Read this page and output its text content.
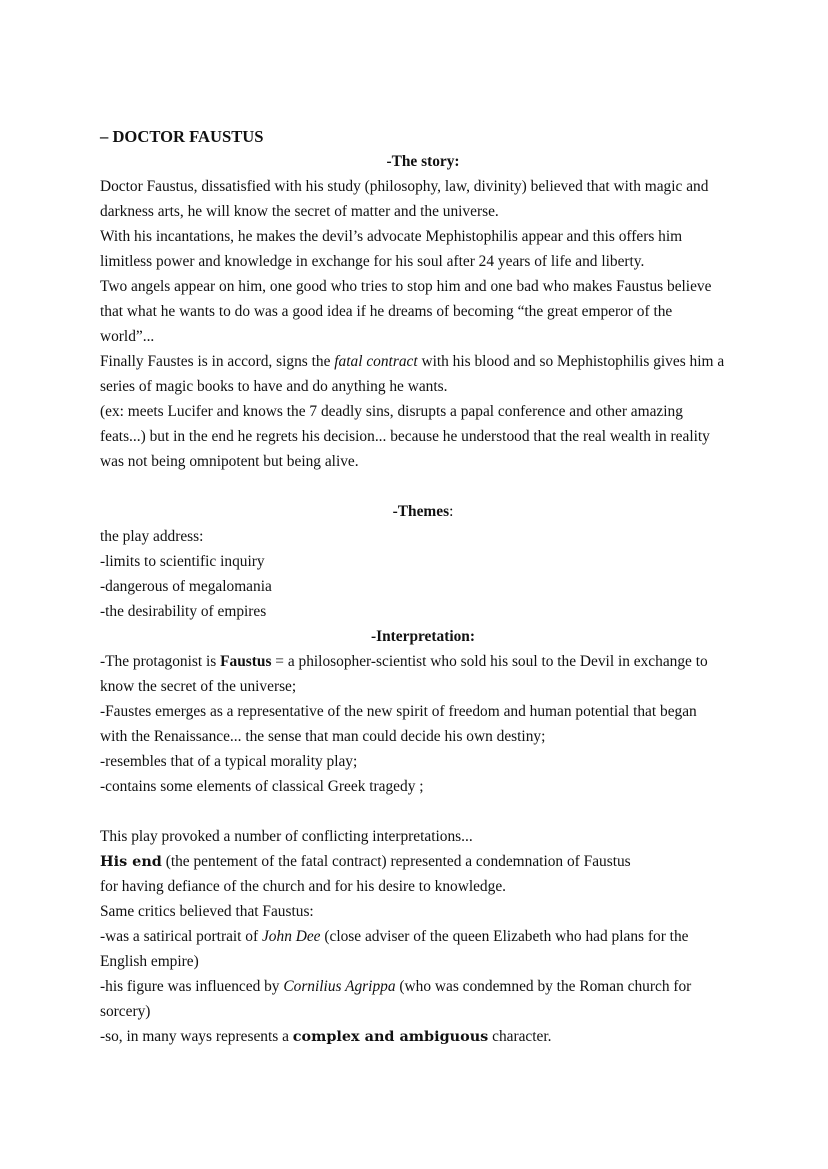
– DOCTOR FAUSTUS
-The story:
Doctor Faustus, dissatisfied with his study (philosophy, law, divinity) believed that with magic and
darkness arts, he will know the secret of matter and the universe.
With his incantations, he makes the devil’s advocate Mephistophilis appear and this offers him
limitless power and knowledge in exchange for his soul after 24 years of life and liberty.
Two angels appear on him, one good who tries to stop him and one bad who makes Faustus believe
that what he wants to do was a good idea if he dreams of becoming “the great emperor of the
world”...
Finally Faustes is in accord, signs the fatal contract with his blood and so Mephistophilis gives him a
series of magic books to have and do anything he wants.
(ex: meets Lucifer and knows the 7 deadly sins, disrupts a papal conference and other amazing
feats...) but in the end he regrets his decision... because he understood that the real wealth in reality
was not being omnipotent but being alive.
-Themes:
the play address:
-limits to scientific inquiry
-dangerous of megalomania
-the desirability of empires
-Interpretation:
-The protagonist is Faustus = a philosopher-scientist who sold his soul to the Devil in exchange to
know the secret of the universe;
-Faustes emerges as a representative of the new spirit of freedom and human potential that began
with the Renaissance... the sense that man could decide his own destiny;
-resembles that of a typical morality play;
-contains some elements of classical Greek tragedy ;
This play provoked a number of conflicting interpretations...
His end (the pentement of the fatal contract) represented a condemnation of Faustus
for having defiance of the church and for his desire to knowledge.
Same critics believed that Faustus:
-was a satirical portrait of John Dee (close adviser of the queen Elizabeth who had plans for the
English empire)
-his figure was influenced by Cornilius Agrippa (who was condemned by the Roman church for
sorcery)
-so, in many ways represents a complex and ambiguous character.
